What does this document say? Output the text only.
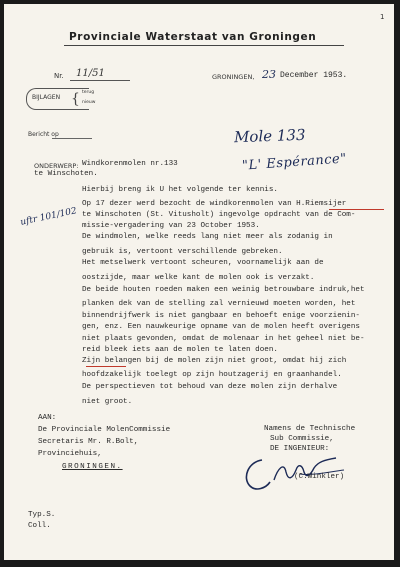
1
Provinciale Waterstaat van Groningen
Nr. 11/51
BIJLAGEN { terug
nieuw
Bericht op
GRONINGEN, 23 December 1953.
Mole 133
"L' Espérance"
uftr 101/102
ONDERWERP: Windkorenmolen nr.133
te Winschoten.
Hierbij breng ik U het volgende ter kennis.
Op 17 dezer werd bezocht de windkorenmolen van H.Riemsijer
te Winschoten (St. Vitusholt) ingevolge opdracht van de Com-
missie-vergadering van 23 October 1953.
De windmolen, welke reeds lang niet meer als zodanig in
gebruik is, vertoont verschillende gebreken.
Het metselwerk vertoont scheuren, voornamelijk aan de
oostzijde, maar welke kant de molen ook is verzakt.
De beide houten roeden maken een weinig betrouwbare indruk,het
planken dek van de stelling zal vernieuwd moeten worden, het
binnendrijfwerk is niet gangbaar en behoeft enige voorzienin-
gen, enz. Een nauwkeurige opname van de molen heeft overigens
niet plaats gevonden, omdat de molenaar in het geheel niet be-
reid bleek iets aan de molen te laten doen.
Zijn belangen bij de molen zijn niet groot, omdat hij zich
hoofdzakelijk toelegt op zijn houtzagerij en graanhandel.
De perspectieven tot behoud van deze molen zijn derhalve
niet groot.
Namens de Technische
Sub Commissie,
DE INGENIEUR:
(C.Winkler)
AAN:
De Provinciale MolenCommissie
Secretaris Mr. R.Bolt,
Provinciehuis,
GRONINGEN.
Typ.S.
Coll.
